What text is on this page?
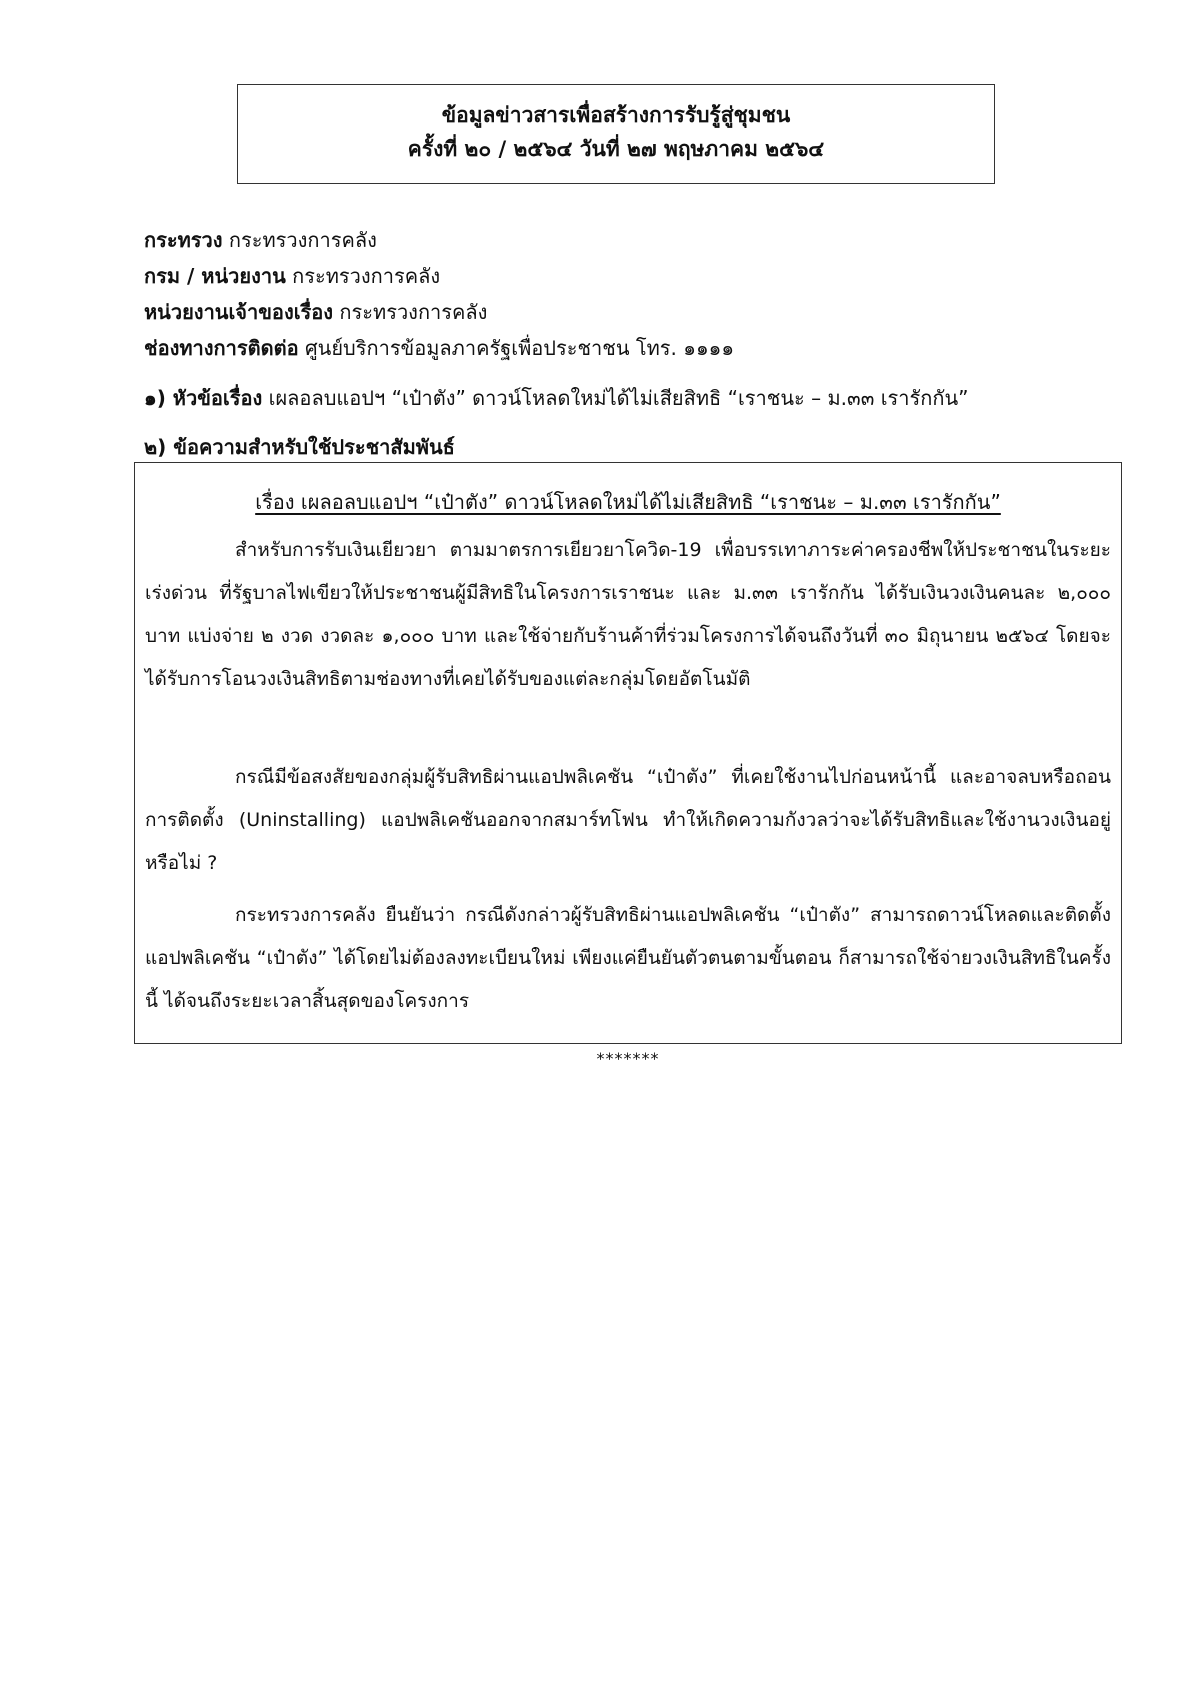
ข้อมูลข่าวสารเพื่อสร้างการรับรู้สู่ชุมชน
ครั้งที่ ๒๐ / ๒๕๖๔ วันที่ ๒๗ พฤษภาคม ๒๕๖๔
กระทรวง กระทรวงการคลัง
กรม / หน่วยงาน กระทรวงการคลัง
หน่วยงานเจ้าของเรื่อง กระทรวงการคลัง
ช่องทางการติดต่อ ศูนย์บริการข้อมูลภาครัฐเพื่อประชาชน โทร. ๑๑๑๑
๑) หัวข้อเรื่อง เผลอลบแอปฯ “เป๋าตัง” ดาวน์โหลดใหม่ได้ไม่เสียสิทธิ “เราชนะ – ม.๓๓ เรารักกัน”
๒) ข้อความสำหรับใช้ประชาสัมพันธ์
เรื่อง เผลอลบแอปฯ “เป๋าตัง” ดาวน์โหลดใหม่ได้ไม่เสียสิทธิ “เราชนะ – ม.๓๓ เรารักกัน”
สำหรับการรับเงินเยียวยา ตามมาตรการเยียวยาโควิด-19 เพื่อบรรเทาภาระค่าครองชีพให้ประชาชนในระยะเร่งด่วน ที่รัฐบาลไฟเขียวให้ประชาชนผู้มีสิทธิในโครงการเราชนะ และ ม.๓๓ เรารักกัน ได้รับเงินวงเงินคนละ ๒,๐๐๐ บาท แบ่งจ่าย ๒ งวด งวดละ ๑,๐๐๐ บาท และใช้จ่ายกับร้านค้าที่ร่วมโครงการได้จนถึงวันที่ ๓๐ มิถุนายน ๒๕๖๔ โดยจะได้รับการโอนวงเงินสิทธิตามช่องทางที่เคยได้รับของแต่ละกลุ่มโดยอัตโนมัติ
กรณีมีข้อสงสัยของกลุ่มผู้รับสิทธิผ่านแอปพลิเคชัน “เป๋าตัง” ที่เคยใช้งานไปก่อนหน้านี้ และอาจลบหรือถอนการติดตั้ง (Uninstalling) แอปพลิเคชันออกจากสมาร์ทโฟน ทำให้เกิดความกังวลว่าจะได้รับสิทธิและใช้งานวงเงินอยู่หรือไม่ ?
กระทรวงการคลัง ยืนยันว่า กรณีดังกล่าวผู้รับสิทธิผ่านแอปพลิเคชัน “เป๋าตัง” สามารถดาวน์โหลดและติดตั้งแอปพลิเคชัน “เป๋าตัง” ได้โดยไม่ต้องลงทะเบียนใหม่ เพียงแค่ยืนยันตัวตนตามขั้นตอน ก็สามารถใช้จ่ายวงเงินสิทธิในครั้งนี้ ได้จนถึงระยะเวลาสิ้นสุดของโครงการ
*******
